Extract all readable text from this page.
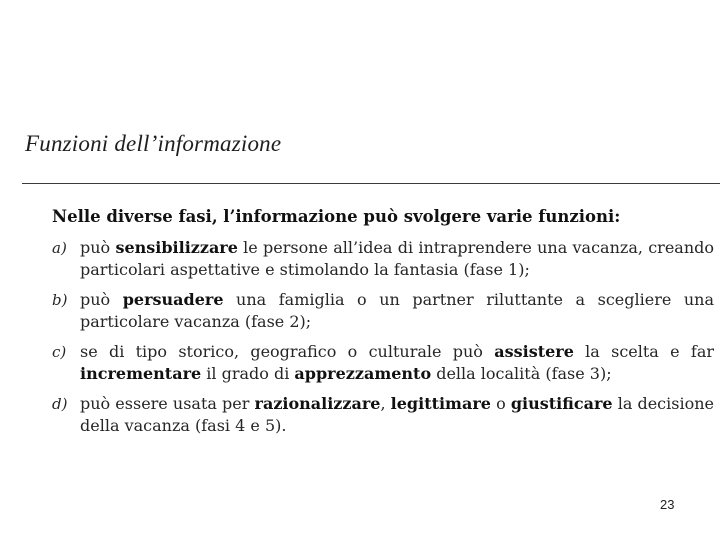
Funzioni dell’informazione
Nelle diverse fasi, l’informazione può svolgere varie funzioni:
a) può sensibilizzare le persone all’idea di intraprendere una vacanza, creando particolari aspettative e stimolando la fantasia (fase 1);
b) può persuadere una famiglia o un partner riluttante a scegliere una particolare vacanza (fase 2);
c) se di tipo storico, geografico o culturale può assistere la scelta e far incrementare il grado di apprezzamento della località (fase 3);
d) può essere usata per razionalizzare, legittimare o giustificare la decisione della vacanza (fasi 4 e 5).
23
